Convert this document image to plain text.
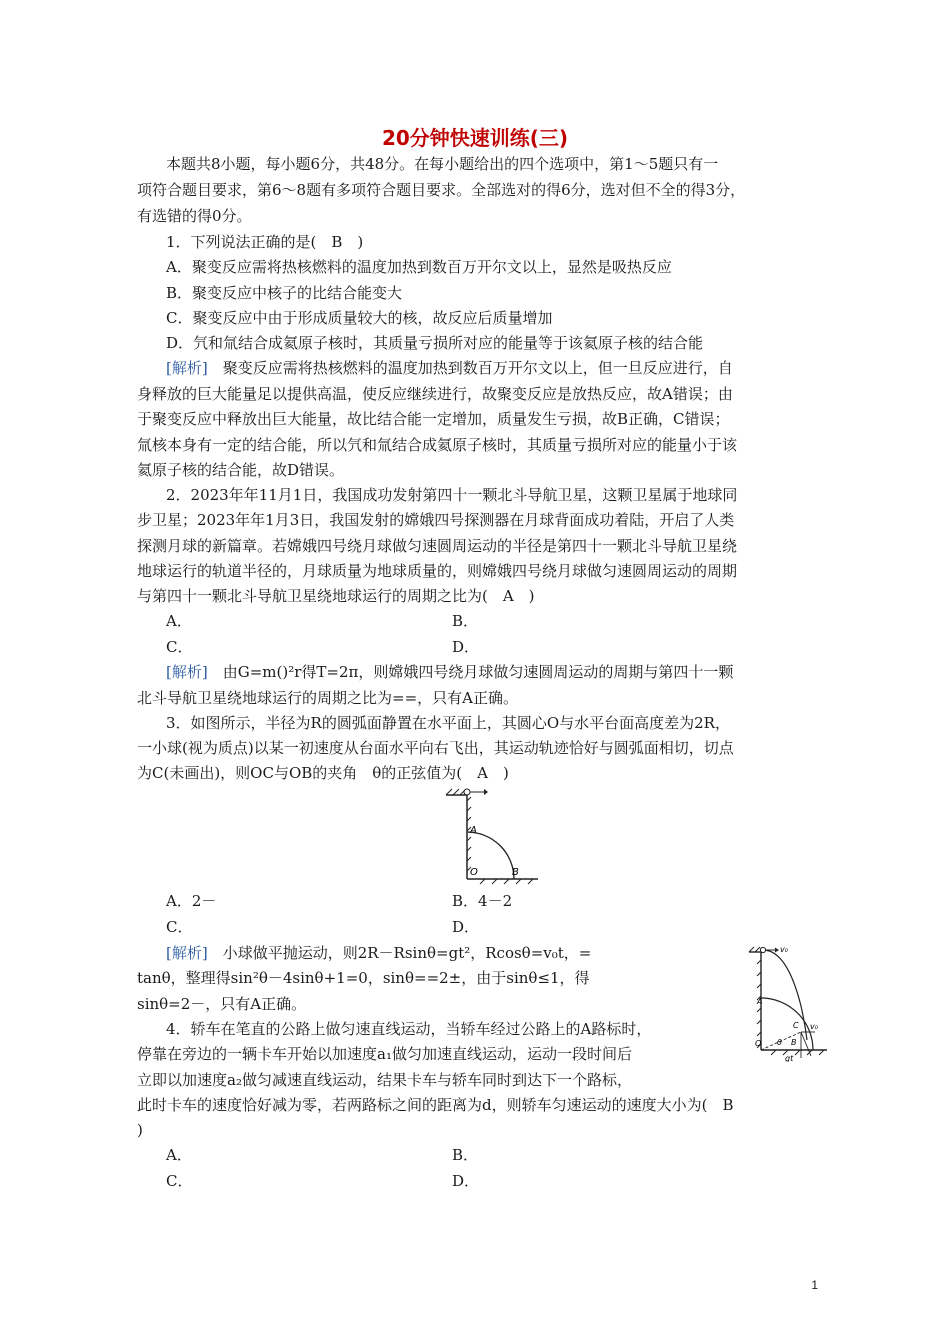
20分钟快速训练(三)
本题共8小题，每小题6分，共48分。在每小题给出的四个选项中，第1～5题只有一
项符合题目要求，第6～8题有多项符合题目要求。全部选对的得6分，选对但不全的得3分，
有选错的得0分。
1．下列说法正确的是(　B　)
A．聚变反应需将热核燃料的温度加热到数百万开尔文以上，显然是吸热反应
B．聚变反应中核子的比结合能变大
C．聚变反应中由于形成质量较大的核，故反应后质量增加
D．氕和氚结合成氦原子核时，其质量亏损所对应的能量等于该氦原子核的结合能
[解析]　聚变反应需将热核燃料的温度加热到数百万开尔文以上，但一旦反应进行，自
身释放的巨大能量足以提供高温，使反应继续进行，故聚变反应是放热反应，故A错误；由
于聚变反应中释放出巨大能量，故比结合能一定增加，质量发生亏损，故B正确，C错误；
氚核本身有一定的结合能，所以氕和氚结合成氦原子核时，其质量亏损所对应的能量小于该
氦原子核的结合能，故D错误。
2．2023年年11月1日，我国成功发射第四十一颗北斗导航卫星，这颗卫星属于地球同
步卫星；2023年年1月3日，我国发射的嫦娥四号探测器在月球背面成功着陆，开启了人类
探测月球的新篇章。若嫦娥四号绕月球做匀速圆周运动的半径是第四十一颗北斗导航卫星绕
地球运行的轨道半径的，月球质量为地球质量的，则嫦娥四号绕月球做匀速圆周运动的周期
与第四十一颗北斗导航卫星绕地球运行的周期之比为(　A　)
A．	B．
C．	D．
[解析]　由G=m()²r得T=2π，则嫦娥四号绕月球做匀速圆周运动的周期与第四十一颗
北斗导航卫星绕地球运行的周期之比为==，只有A正确。
3．如图所示，半径为R的圆弧面静置在水平面上，其圆心O与水平台面高度差为2R，
一小球(视为质点)以某一初速度从台面水平向右飞出，其运动轨迹恰好与圆弧面相切，切点
为C(未画出)，则OC与OB的夹角　θ的正弦值为(　A　)
A
O	B
A．2－	B．4－2
C．	D．
[解析]　小球做平抛运动，则2R－Rsinθ=gt²，Rcosθ=v₀t，=
tanθ，整理得sin²θ－4sinθ+1=0，sinθ==2±，由于sinθ≤1，得
sinθ=2－，只有A正确。
v₀
A
C v₀
O θ B
gt
4．轿车在笔直的公路上做匀速直线运动，当轿车经过公路上的A路标时，
停靠在旁边的一辆卡车开始以加速度a₁做匀加速直线运动，运动一段时间后
立即以加速度a₂做匀减速直线运动，结果卡车与轿车同时到达下一个路标，
此时卡车的速度恰好减为零，若两路标之间的距离为d，则轿车匀速运动的速度大小为(　B
)
A．	B．
C．	D．
1
